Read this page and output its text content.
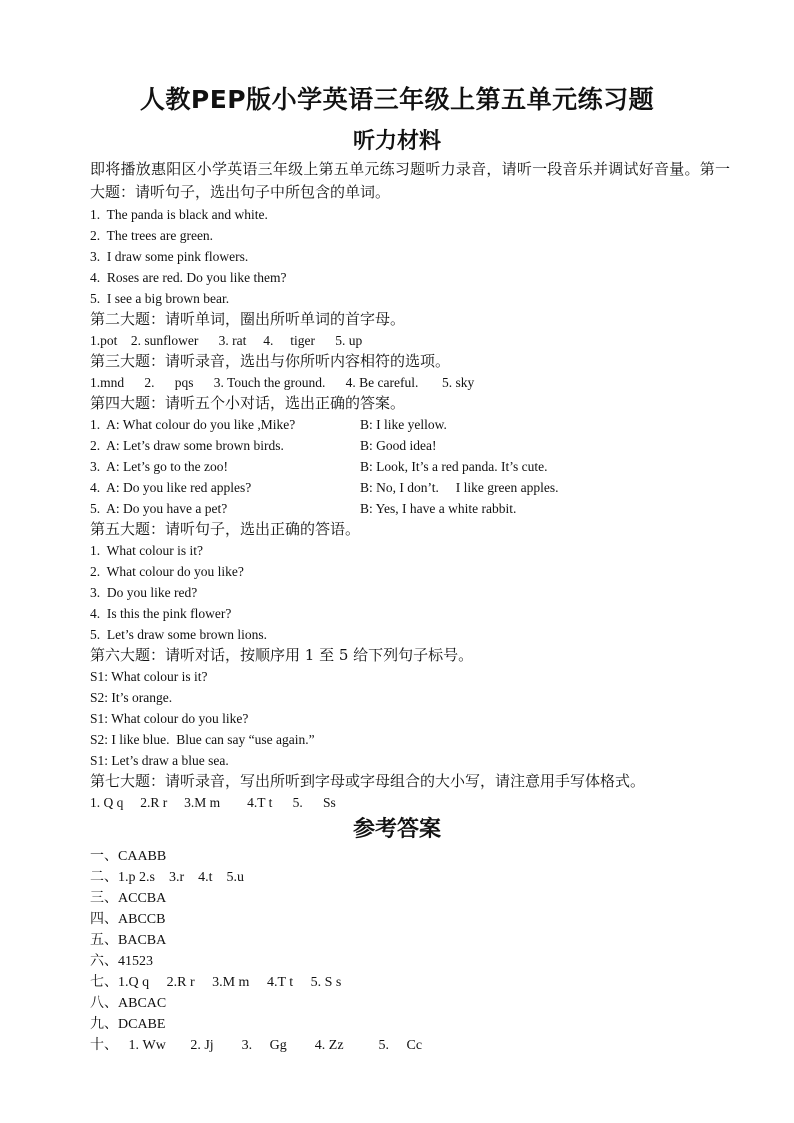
人教PEP版小学英语三年级上第五单元练习题
听力材料

即将播放惠阳区小学英语三年级上第五单元练习题听力录音，请听一段音乐并调试好音量。第一大题：请听句子，选出句子中所包含的单词。

1.  The panda is black and white.

2.  The trees are green.

3.  I draw some pink flowers.

4.  Roses are red. Do you like them?

5.  I see a big brown bear.

第二大题：请听单词，圈出所听单词的首字母。

1.pot    2. sunflower      3. rat     4.     tiger      5. up

第三大题：请听录音，选出与你所听内容相符的选项。

1.mnd      2.      pqs      3. Touch the ground.      4. Be careful.       5. sky

第四大题：请听五个小对话，选出正确的答案。

1.  A: What colour do you like ,Mike?	B: I like yellow.
2.  A: Let’s draw some brown birds.	B: Good idea!
3.  A: Let’s go to the zoo!	B: Look, It’s a red panda. It’s cute.
4.  A: Do you like red apples?	B: No, I don’t.     I like green apples.
5.  A: Do you have a pet?	B: Yes, I have a white rabbit.

第五大题：请听句子，选出正确的答语。

1.  What colour is it?

2.  What colour do you like?

3.  Do you like red?

4.  Is this the pink flower?

5.  Let’s draw some brown lions.

第六大题：请听对话，按顺序用 1 至 5 给下列句子标号。

S1: What colour is it?

S2: It’s orange.

S1: What colour do you like?

S2: I like blue.  Blue can say “use again.”

S1: Let’s draw a blue sea.

第七大题：请听录音，写出所听到字母或字母组合的大小写，请注意用手写体格式。

1. Q q     2.R r     3.M m        4.T t      5.      Ss

参考答案

一、CAABB

二、1.p 2.s    3.r    4.t    5.u

三、ACCBA

四、ABCCB

五、BACBA

六、41523

七、1.Q q     2.R r     3.M m     4.T t     5. S s

八、ABCAC

九、DCABE

十、   1. Ww       2. Jj        3.     Gg        4. Zz          5.     Cc
